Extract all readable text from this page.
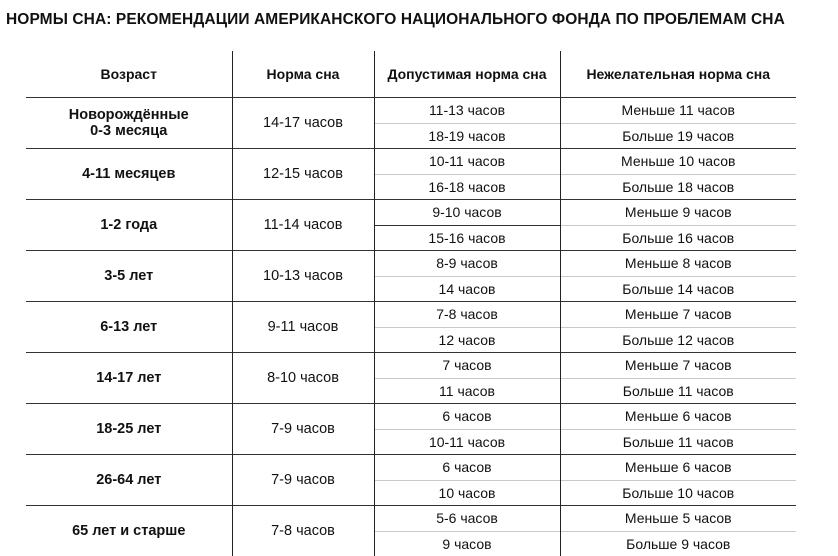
НОРМЫ СНА: РЕКОМЕНДАЦИИ АМЕРИКАНСКОГО НАЦИОНАЛЬНОГО ФОНДА ПО ПРОБЛЕМАМ СНА
Возраст	Норма сна	Допустимая норма сна	Нежелательная норма сна

Новорождённые
0-3 месяца	14-17 часов	11-13 часов	Меньше 11 часов
		18-19 часов	Больше 19 часов

4-11 месяцев	12-15 часов	10-11 часов	Меньше 10 часов
		16-18 часов	Больше 18 часов

1-2 года	11-14 часов	9-10 часов	Меньше 9 часов
		15-16 часов	Больше 16 часов

3-5 лет	10-13 часов	8-9 часов	Меньше 8 часов
		14 часов	Больше 14 часов

6-13 лет	9-11 часов	7-8 часов	Меньше 7 часов
		12 часов	Больше 12 часов

14-17 лет	8-10 часов	7 часов	Меньше 7 часов
		11 часов	Больше 11 часов

18-25 лет	7-9 часов	6 часов	Меньше 6 часов
		10-11 часов	Больше 11 часов

26-64 лет	7-9 часов	6 часов	Меньше 6 часов
		10 часов	Больше 10 часов

65 лет и старше	7-8 часов	5-6 часов	Меньше 5 часов
		9 часов	Больше 9 часов
